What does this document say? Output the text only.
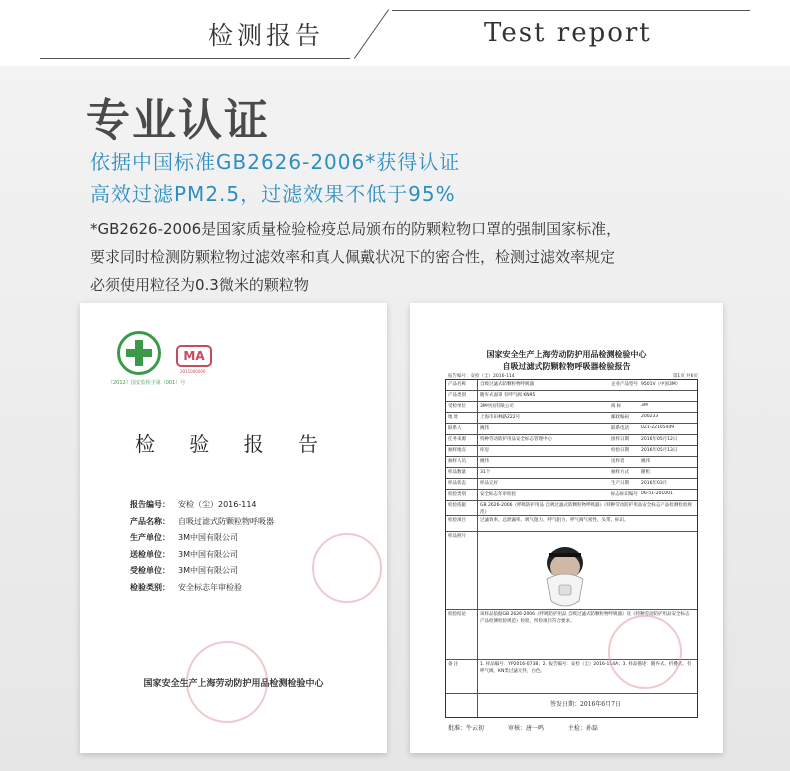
检测报告	Test report
专业认证
依据中国标准GB2626-2006*获得认证
高效过滤PM2.5，过滤效果不低于95%

*GB2626-2006是国家质量检验检疫总局颁布的防颗粒物口罩的强制国家标准，

要求同时检测防颗粒物过滤效率和真人佩戴状况下的密合性，检测过滤效率规定

必须使用粒径为0.3微米的颗粒物

《2012》国安监检字第（001）号
MA
2011000000
检 验 报 告
报告编号： 安检（尘）2016-114
产品名称： 自吸过滤式防颗粒物呼吸器
生产单位： 3M中国有限公司
送检单位： 3M中国有限公司
受检单位： 3M中国有限公司
检验类别： 安全标志年审检验
国家安全生产上海劳动防护用品检测检验中心
国家安全生产上海劳动防护用品检测检验中心
自吸过滤式防颗粒物呼吸器检验报告
报告编号：安检（尘）2016-114	第1页 共6页
产品名称	自吸过滤式防颗粒物呼吸器	企业产品型号 9501V（中国3M）
产品类别	随弃式面罩 有呼气阀 KN95
受检单位	3M中国有限公司	商 标	3M
地 址	上海市田林路222号	邮政编码	200233
联系人	姚伟	联系电话	021-22105449
任务来源	特种劳动防护用品安全标志管理中心	接样日期	2016年05月12日
抽样地点	库房	检验日期	2016年05月13日
抽样人员	姚伟	送样者	姚伟
样品数量	31个	抽样方式	随机
样品状态	样品完好	生产日期	2016年03月
检验类别	安全标志年审检验	标志标识编号 06-51-201001
检验依据	GB 2626-2006《呼吸防护用品 自吸过滤式防颗粒物呼吸器》《特种劳动防护用品安全标志产品检测检验规范》
检验项目	过滤效率、总泄漏率、吸气阻力、呼气阻力、呼气阀气密性、头带、标识。
样品照片
检验结论	该样品依据GB 2626-2006《呼吸防护用品 自吸过滤式防颗粒物呼吸器》及《特种劳动防护用品安全标志产品检测检验规范》检验，所检项目符合要求。
备 注	1. 样品编号：YP2016-0738；2. 报告编号：安检（尘）2016-114A；3. 样品描述：随弃式、折叠式，有呼气阀，KN类过滤元件，白色。
签发日期：2016年6月7日
批准：牛云初	审核：唐一鸣	主检：孙磊
